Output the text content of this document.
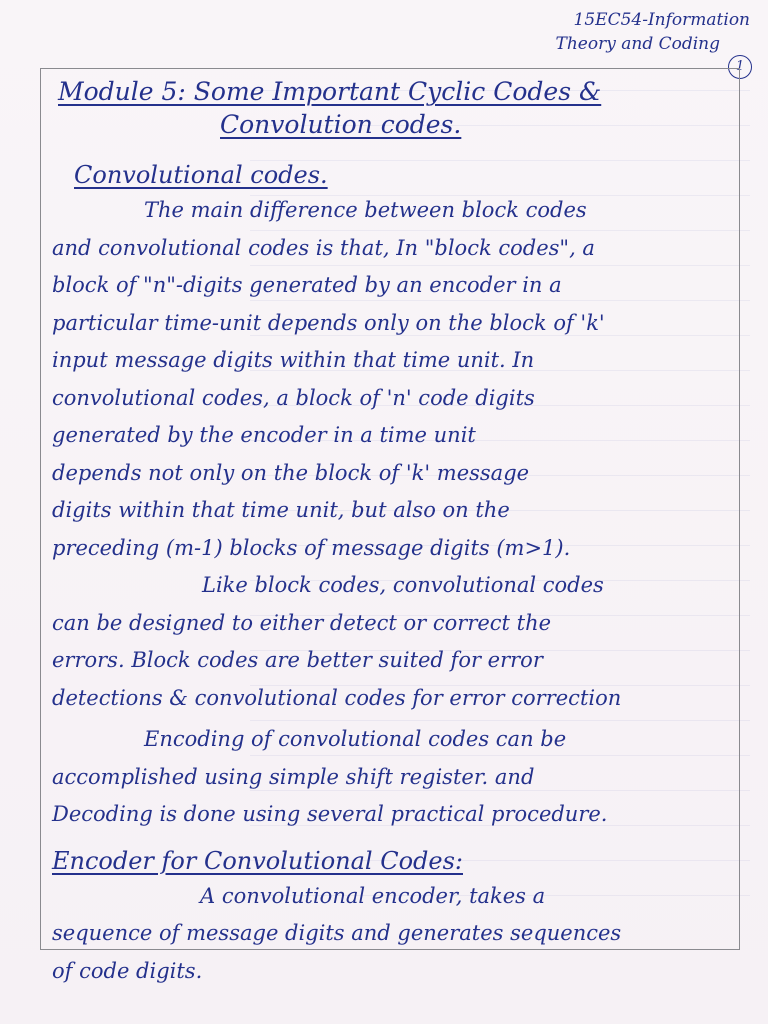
15EC54-Information
Theory and Coding
1
Module 5: Some Important Cyclic Codes &
Convolution codes.
Convolutional codes.

The main difference between block codes
and convolutional codes is that, In "block codes", a
block of "n"-digits generated by an encoder in a
particular time-unit depends only on the block of 'k'
input message digits within that time unit. In
convolutional codes, a block of 'n' code digits
generated by the encoder in a time unit
depends not only on the block of 'k' message
digits within that time unit, but also on the
preceding (m-1) blocks of message digits (m>1).

Like block codes, convolutional codes
can be designed to either detect or correct the
errors. Block codes are better suited for error
detections & convolutional codes for error correction

Encoding of convolutional codes can be
accomplished using simple shift register. and
Decoding is done using several practical procedure.

Encoder for Convolutional Codes:

A convolutional encoder, takes a
sequence of message digits and generates sequences
of code digits.
